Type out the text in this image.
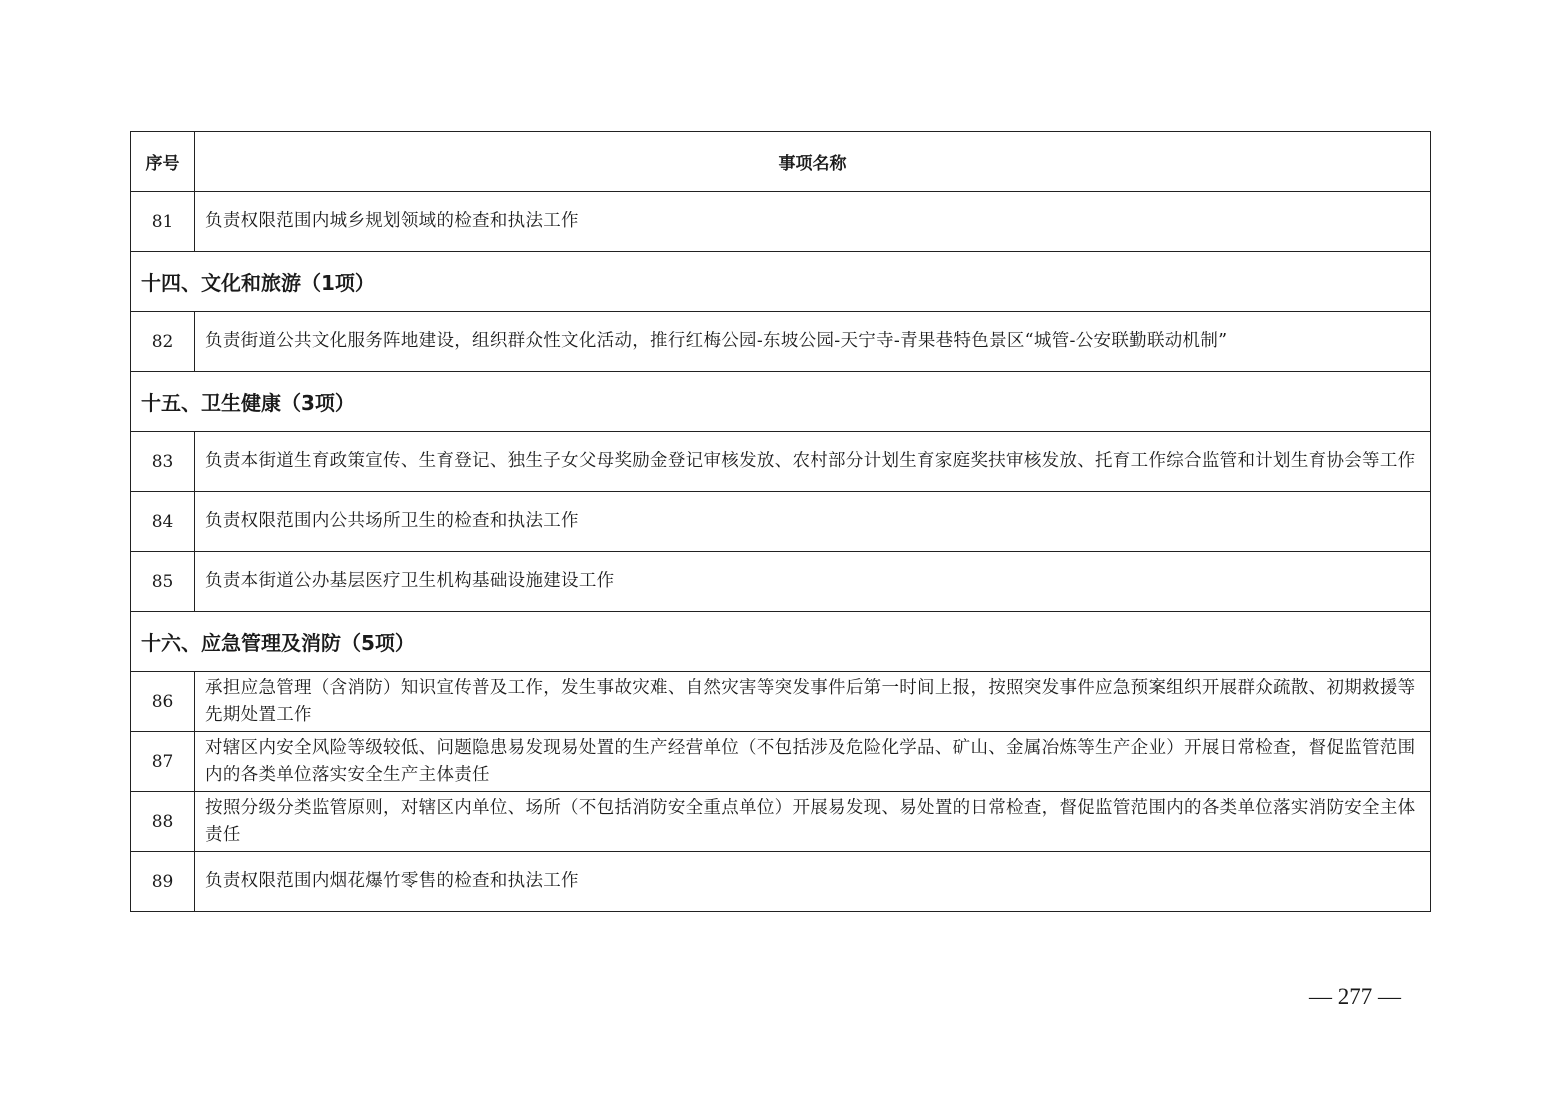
序号	事项名称
81	负责权限范围内城乡规划领域的检查和执法工作
十四、文化和旅游（1项）	
82	负责街道公共文化服务阵地建设，组织群众性文化活动，推行红梅公园-东坡公园-天宁寺-青果巷特色景区“城管-公安联勤联动机制”
十五、卫生健康（3项）	
83	负责本街道生育政策宣传、生育登记、独生子女父母奖励金登记审核发放、农村部分计划生育家庭奖扶审核发放、托育工作综合监管和计划生育协会等工作
84	负责权限范围内公共场所卫生的检查和执法工作
85	负责本街道公办基层医疗卫生机构基础设施建设工作
十六、应急管理及消防（5项）	
86	承担应急管理（含消防）知识宣传普及工作，发生事故灾难、自然灾害等突发事件后第一时间上报，按照突发事件应急预案组织开展群众疏散、初期救援等先期处置工作
87	对辖区内安全风险等级较低、问题隐患易发现易处置的生产经营单位（不包括涉及危险化学品、矿山、金属冶炼等生产企业）开展日常检查，督促监管范围内的各类单位落实安全生产主体责任
88	按照分级分类监管原则，对辖区内单位、场所（不包括消防安全重点单位）开展易发现、易处置的日常检查，督促监管范围内的各类单位落实消防安全主体责任
89	负责权限范围内烟花爆竹零售的检查和执法工作
— 277 —
